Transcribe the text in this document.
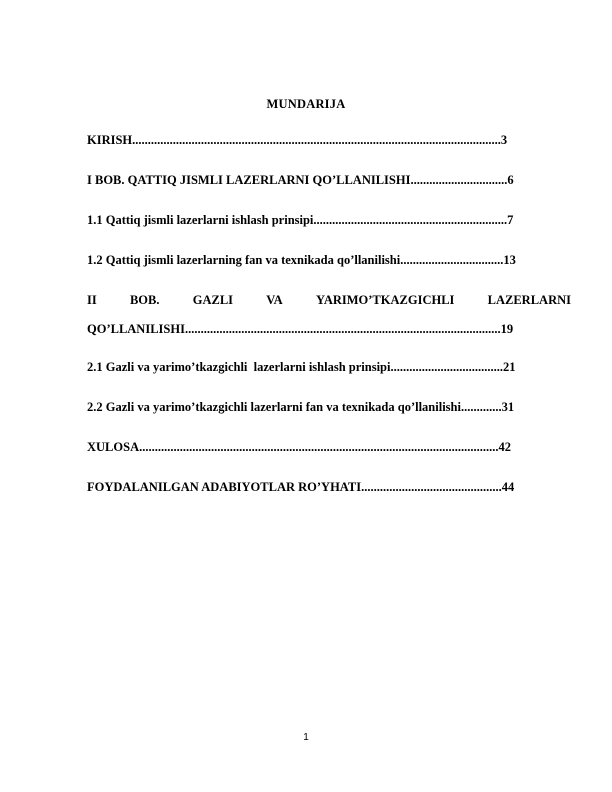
MUNDARIJA
KIRISH......................................................................................................................3
I BOB. QATTIQ JISMLI LAZERLARNI QO’LLANILISHI...............................6
1.1 Qattiq jismli lazerlarni ishlash prinsipi..............................................................7
1.2 Qattiq jismli lazerlarning fan va texnikada qo’llanilishi.................................13
II	BOB.	GAZLI	VA	YARIMO’TKAZGICHLI	LAZERLARNI
QO’LLANILISHI.....................................................................................................19
2.1 Gazli va yarimo’tkazgichli  lazerlarni ishlash prinsipi....................................21
2.2 Gazli va yarimo’tkazgichli lazerlarni fan va texnikada qo’llanilishi.............31
XULOSA...................................................................................................................42
FOYDALANILGAN ADABIYOTLAR RO’YHATI.............................................44
1
